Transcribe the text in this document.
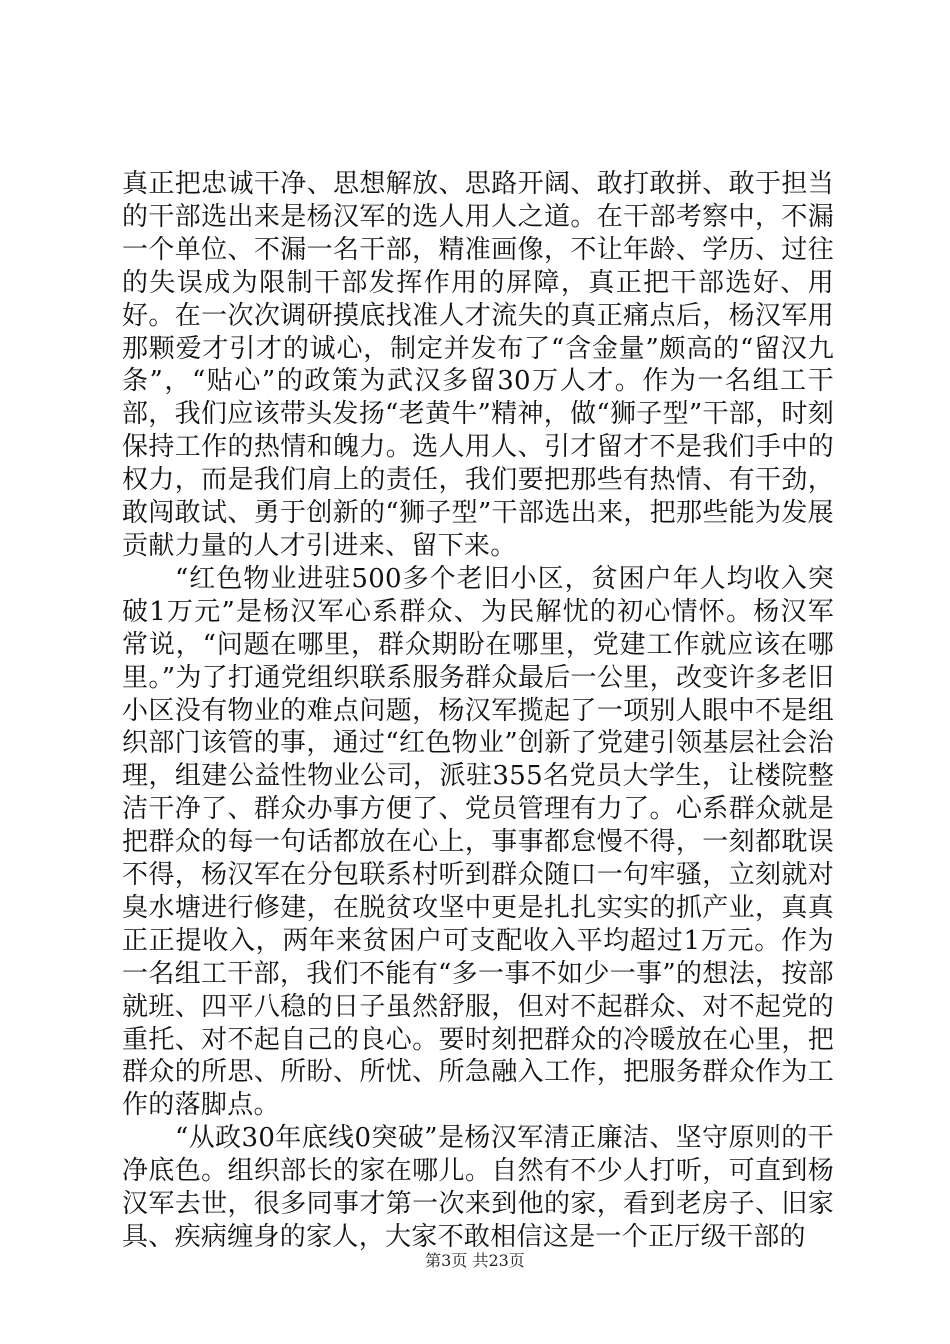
真正把忠诚干净、思想解放、思路开阔、敢打敢拼、敢于担当的干部选出来是杨汉军的选人用人之道。在干部考察中，不漏一个单位、不漏一名干部，精准画像，不让年龄、学历、过往的失误成为限制干部发挥作用的屏障，真正把干部选好、用好。在一次次调研摸底找准人才流失的真正痛点后，杨汉军用那颗爱才引才的诚心，制定并发布了“含金量”颇高的“留汉九条”，“贴心”的政策为武汉多留30万人才。作为一名组工干部，我们应该带头发扬“老黄牛”精神，做“狮子型”干部，时刻保持工作的热情和魄力。选人用人、引才留才不是我们手中的权力，而是我们肩上的责任，我们要把那些有热情、有干劲，敢闯敢试、勇于创新的“狮子型”干部选出来，把那些能为发展贡献力量的人才引进来、留下来。

“红色物业进驻500多个老旧小区，贫困户年人均收入突破1万元”是杨汉军心系群众、为民解忧的初心情怀。杨汉军常说，“问题在哪里，群众期盼在哪里，党建工作就应该在哪里。”为了打通党组织联系服务群众最后一公里，改变许多老旧小区没有物业的难点问题，杨汉军揽起了一项别人眼中不是组织部门该管的事，通过“红色物业”创新了党建引领基层社会治理，组建公益性物业公司，派驻355名党员大学生，让楼院整洁干净了、群众办事方便了、党员管理有力了。心系群众就是把群众的每一句话都放在心上，事事都怠慢不得，一刻都耽误不得，杨汉军在分包联系村听到群众随口一句牢骚，立刻就对臭水塘进行修建，在脱贫攻坚中更是扎扎实实的抓产业，真真正正提收入，两年来贫困户可支配收入平均超过1万元。作为一名组工干部，我们不能有“多一事不如少一事”的想法，按部就班、四平八稳的日子虽然舒服，但对不起群众、对不起党的重托、对不起自己的良心。要时刻把群众的冷暖放在心里，把群众的所思、所盼、所忧、所急融入工作，把服务群众作为工作的落脚点。

“从政30年底线0突破”是杨汉军清正廉洁、坚守原则的干净底色。组织部长的家在哪儿。自然有不少人打听，可直到杨汉军去世，很多同事才第一次来到他的家，看到老房子、旧家具、疾病缠身的家人，大家不敢相信这是一个正厅级干部的

第3页 共23页
